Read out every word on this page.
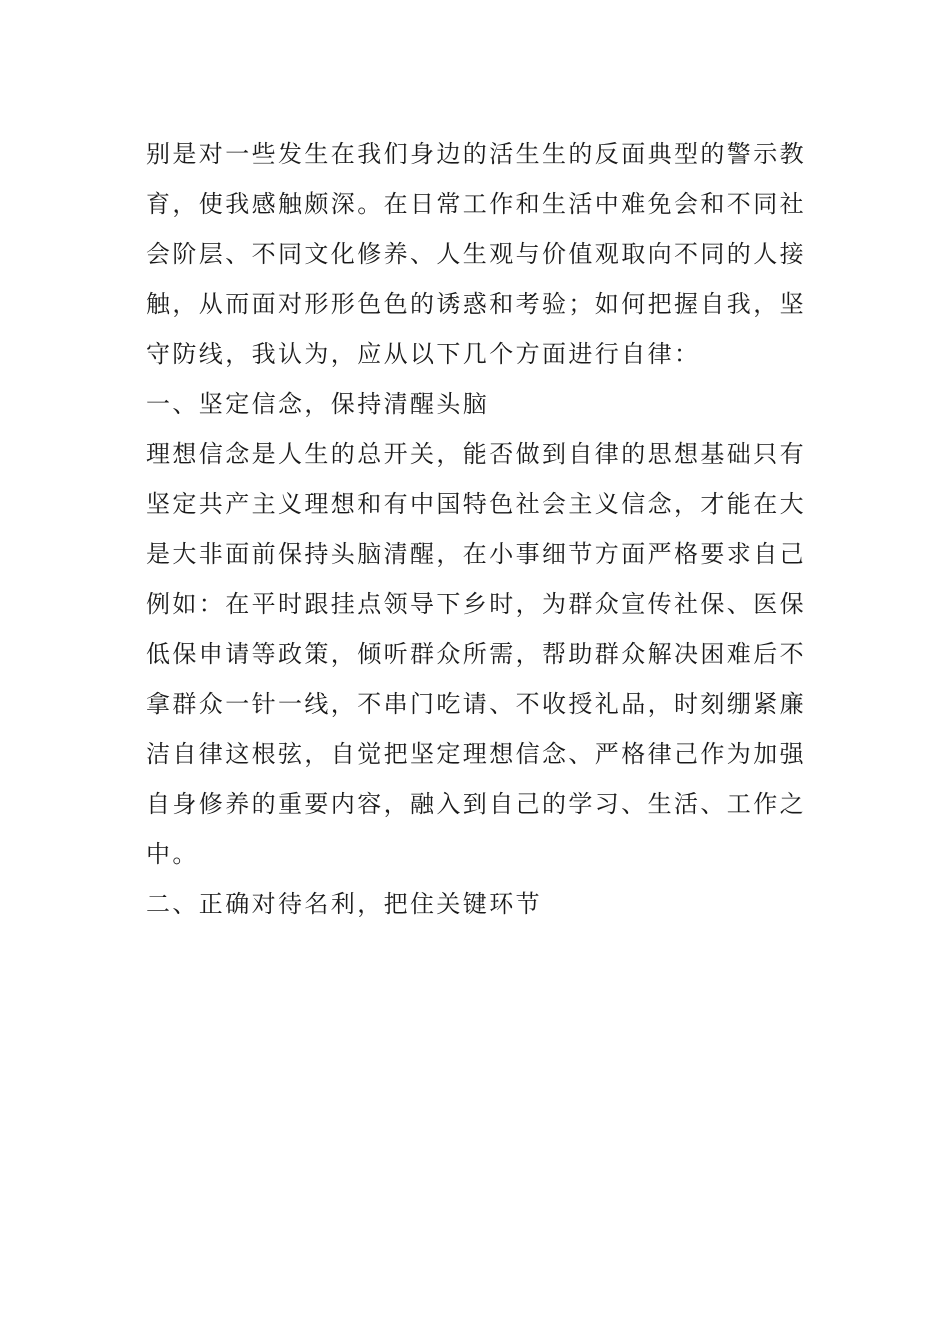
别是对一些发生在我们身边的活生生的反面典型的警示教
育，使我感触颇深。在日常工作和生活中难免会和不同社
会阶层、不同文化修养、人生观与价值观取向不同的人接
触，从而面对形形色色的诱惑和考验；如何把握自我，坚
守防线，我认为，应从以下几个方面进行自律：
一、坚定信念，保持清醒头脑
理想信念是人生的总开关，能否做到自律的思想基础只有
坚定共产主义理想和有中国特色社会主义信念，才能在大
是大非面前保持头脑清醒，在小事细节方面严格要求自己
例如：在平时跟挂点领导下乡时，为群众宣传社保、医保
低保申请等政策，倾听群众所需，帮助群众解决困难后不
拿群众一针一线，不串门吃请、不收授礼品，时刻绷紧廉
洁自律这根弦，自觉把坚定理想信念、严格律己作为加强
自身修养的重要内容，融入到自己的学习、生活、工作之
中。
二、正确对待名利，把住关键环节
